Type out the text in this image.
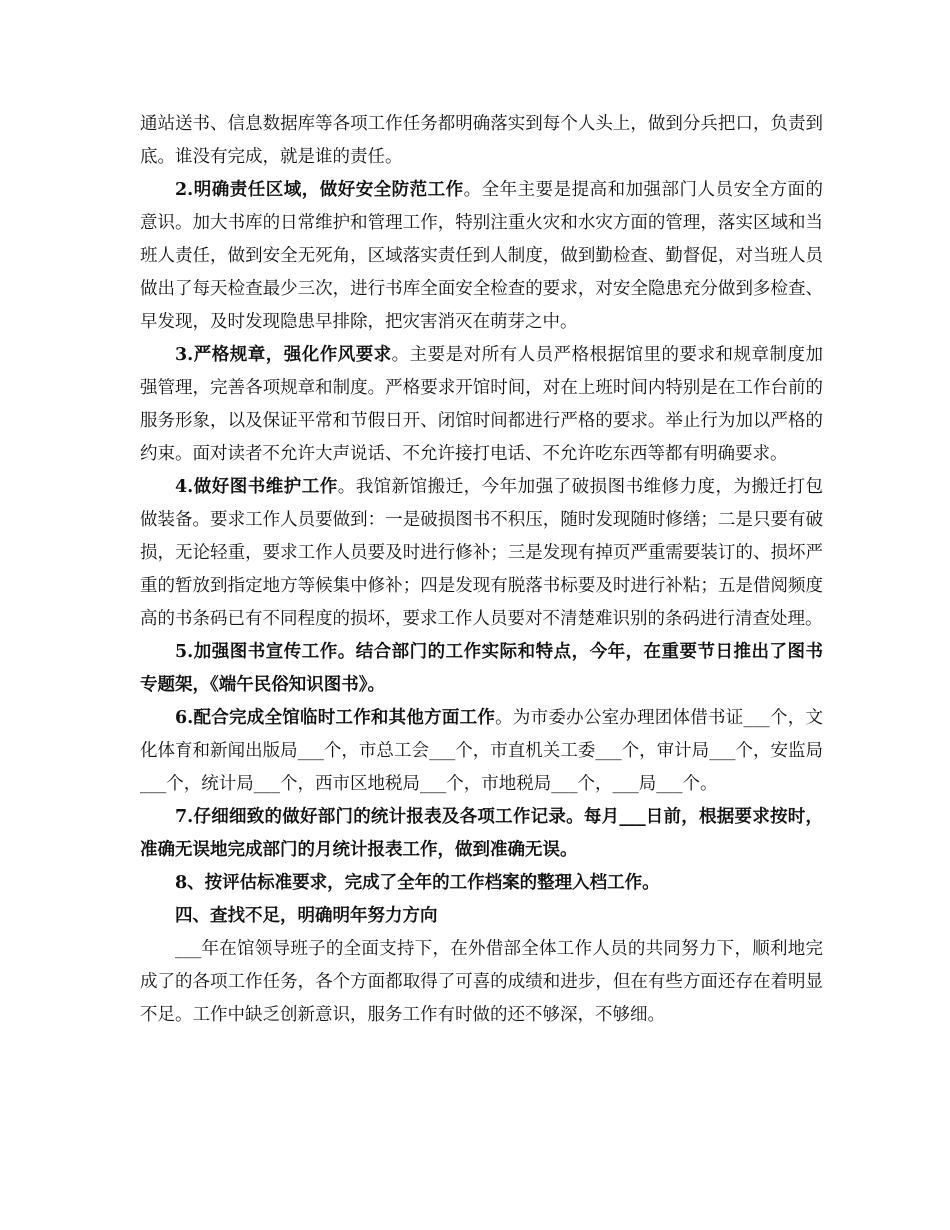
通站送书、信息数据库等各项工作任务都明确落实到每个人头上，做到分兵把口，负责到底。谁没有完成，就是谁的责任。

2.明确责任区域，做好安全防范工作。全年主要是提高和加强部门人员安全方面的意识。加大书库的日常维护和管理工作，特别注重火灾和水灾方面的管理，落实区域和当班人责任，做到安全无死角，区域落实责任到人制度，做到勤检查、勤督促，对当班人员做出了每天检查最少三次，进行书库全面安全检查的要求，对安全隐患充分做到多检查、早发现，及时发现隐患早排除，把灾害消灭在萌芽之中。

3.严格规章，强化作风要求。主要是对所有人员严格根据馆里的要求和规章制度加强管理，完善各项规章和制度。严格要求开馆时间，对在上班时间内特别是在工作台前的服务形象，以及保证平常和节假日开、闭馆时间都进行严格的要求。举止行为加以严格的约束。面对读者不允许大声说话、不允许接打电话、不允许吃东西等都有明确要求。

4.做好图书维护工作。我馆新馆搬迁，今年加强了破损图书维修力度，为搬迁打包做装备。要求工作人员要做到：一是破损图书不积压，随时发现随时修缮；二是只要有破损，无论轻重，要求工作人员要及时进行修补；三是发现有掉页严重需要装订的、损坏严重的暂放到指定地方等候集中修补；四是发现有脱落书标要及时进行补粘；五是借阅频度高的书条码已有不同程度的损坏，要求工作人员要对不清楚难识别的条码进行清查处理。

5.加强图书宣传工作。结合部门的工作实际和特点，今年，在重要节日推出了图书专题架，《端午民俗知识图书》。

6.配合完成全馆临时工作和其他方面工作。为市委办公室办理团体借书证___个，文化体育和新闻出版局___个，市总工会___个，市直机关工委___个，审计局___个，安监局___个，统计局___个，西市区地税局___个，市地税局___个，___局___个。

7.仔细细致的做好部门的统计报表及各项工作记录。每月___日前，根据要求按时，准确无误地完成部门的月统计报表工作，做到准确无误。

8、按评估标准要求，完成了全年的工作档案的整理入档工作。

四、查找不足，明确明年努力方向

___年在馆领导班子的全面支持下，在外借部全体工作人员的共同努力下，顺利地完成了的各项工作任务，各个方面都取得了可喜的成绩和进步，但在有些方面还存在着明显不足。工作中缺乏创新意识，服务工作有时做的还不够深，不够细。
